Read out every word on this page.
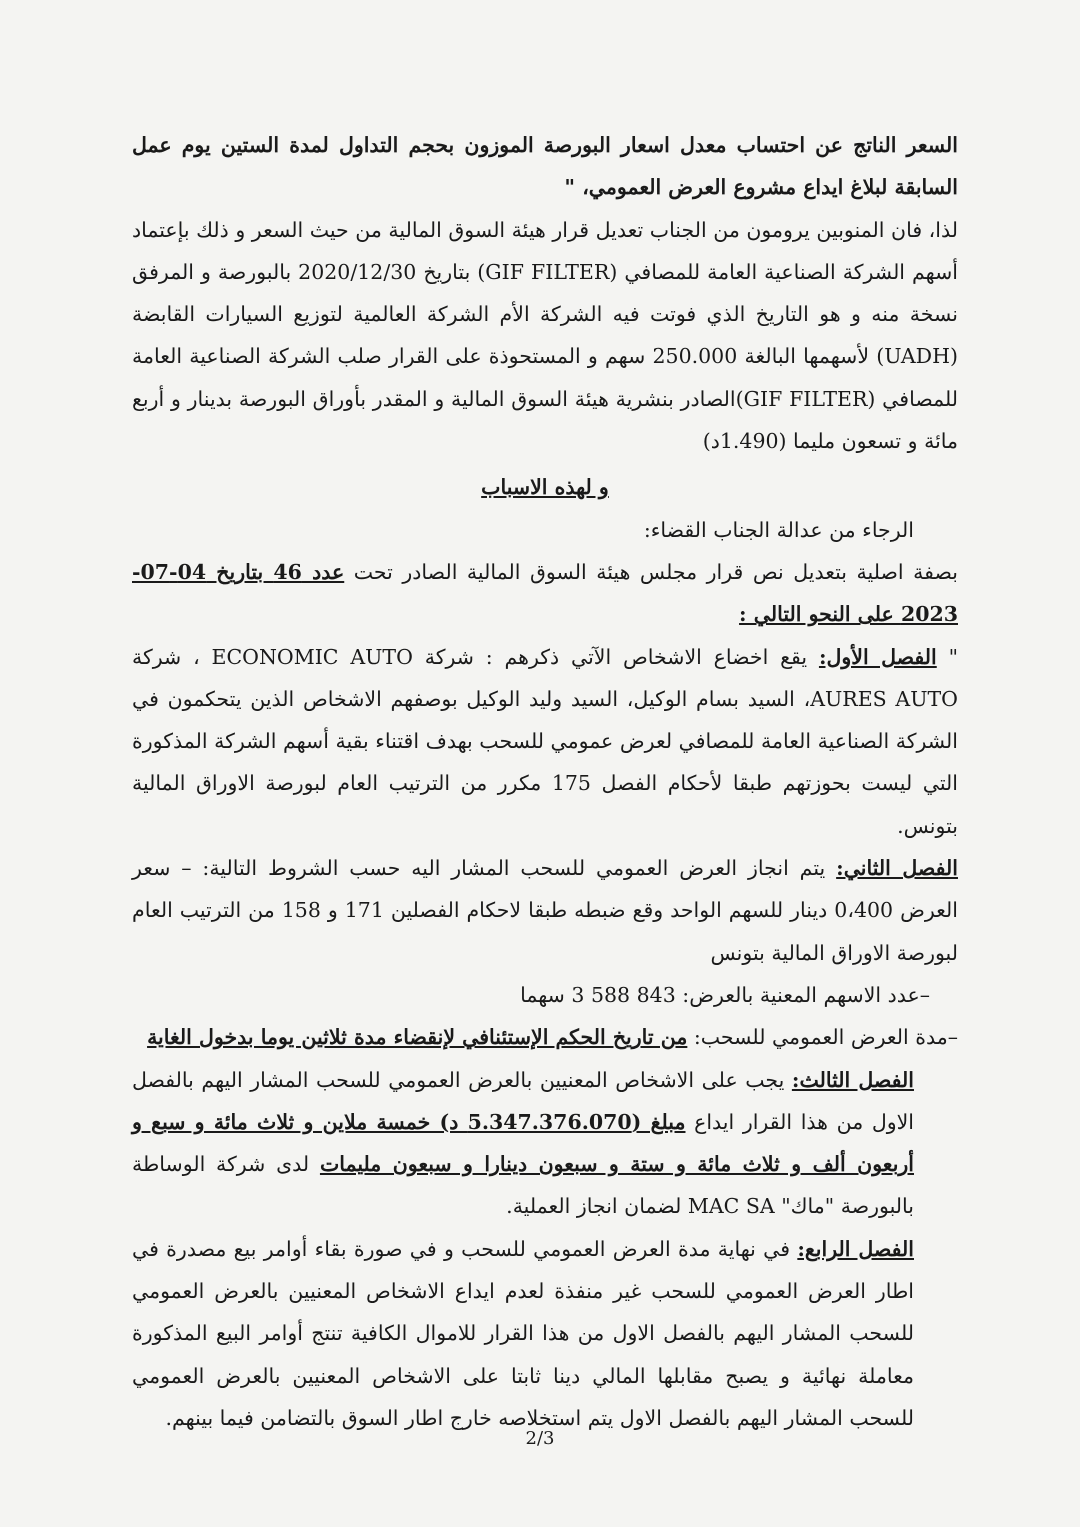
السعر الناتج عن احتساب معدل اسعار البورصة الموزون بحجم التداول لمدة الستين يوم عمل السابقة لبلاغ ايداع مشروع العرض العمومي، "

لذا، فان المنوبين يرومون من الجناب تعديل قرار هيئة السوق المالية من حيث السعر و ذلك بإعتماد أسهم الشركة الصناعية العامة للمصافي (GIF FILTER) بتاريخ 2020/12/30 بالبورصة و المرفق نسخة منه و هو التاريخ الذي فوتت فيه الشركة الأم الشركة العالمية لتوزيع السيارات القابضة (UADH) لأسهمها البالغة 250.000 سهم و المستحوذة على القرار صلب الشركة الصناعية العامة للمصافي (GIF FILTER)الصادر بنشرية هيئة السوق المالية و المقدر بأوراق البورصة بدينار و أربع مائة و تسعون مليما (1.490د)

و لهذه الاسباب

الرجاء من عدالة الجناب القضاء:

بصفة اصلية بتعديل نص قرار مجلس هيئة السوق المالية الصادر تحت عدد 46 بتاريخ 04-07-2023 على النحو التالي :

" الفصل الأول: يقع اخضاع الاشخاص الآتي ذكرهم : شركة ECONOMIC AUTO ، شركة AURES AUTO، السيد بسام الوكيل، السيد وليد الوكيل بوصفهم الاشخاص الذين يتحكمون في الشركة الصناعية العامة للمصافي لعرض عمومي للسحب بهدف اقتناء بقية أسهم الشركة المذكورة التي ليست بحوزتهم طبقا لأحكام الفصل 175 مكرر من الترتيب العام لبورصة الاوراق المالية بتونس.

الفصل الثاني: يتم انجاز العرض العمومي للسحب المشار اليه حسب الشروط التالية: – سعر العرض 0،400 دينار للسهم الواحد وقع ضبطه طبقا لاحكام الفصلين 171 و 158 من الترتيب العام لبورصة الاوراق المالية بتونس

–عدد الاسهم المعنية بالعرض: 843 588 3 سهما

–مدة العرض العمومي للسحب: من تاريخ الحكم الإستئنافي لإنقضاء مدة ثلاثين يوما بدخول الغاية

الفصل الثالث: يجب على الاشخاص المعنيين بالعرض العمومي للسحب المشار اليهم بالفصل الاول من هذا القرار ايداع مبلغ (5.347.376.070 د) خمسة ملاين و ثلاث مائة و سبع و أربعون ألف و ثلاث مائة و ستة و سبعون دينارا و سبعون مليمات لدى شركة الوساطة بالبورصة "ماك" MAC SA لضمان انجاز العملية.

الفصل الرابع: في نهاية مدة العرض العمومي للسحب و في صورة بقاء أوامر بيع مصدرة في اطار العرض العمومي للسحب غير منفذة لعدم ايداع الاشخاص المعنيين بالعرض العمومي للسحب المشار اليهم بالفصل الاول من هذا القرار للاموال الكافية تنتج أوامر البيع المذكورة معاملة نهائية و يصبح مقابلها المالي دينا ثابتا على الاشخاص المعنيين بالعرض العمومي للسحب المشار اليهم بالفصل الاول يتم استخلاصه خارج اطار السوق بالتضامن فيما بينهم.

2/3
